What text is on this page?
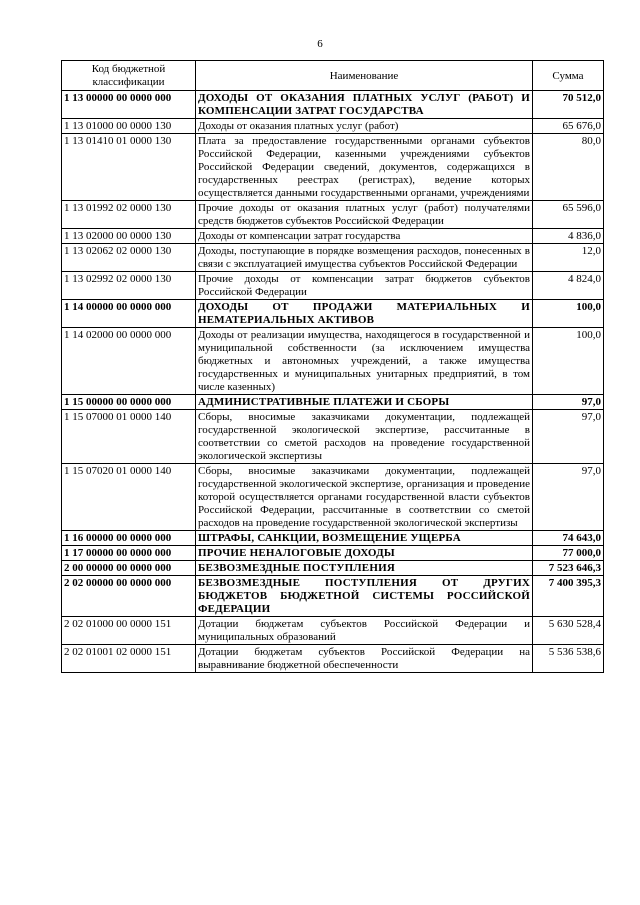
6
Код бюджетной классификации	Наименование	Сумма
1 13 00000 00 0000 000	ДОХОДЫ ОТ ОКАЗАНИЯ ПЛАТНЫХ УСЛУГ (РАБОТ) И КОМПЕНСАЦИИ ЗАТРАТ ГОСУДАРСТВА	70 512,0
1 13 01000 00 0000 130	Доходы от оказания платных услуг (работ)	65 676,0
1 13 01410 01 0000 130	Плата за предоставление государственными органами субъектов Российской Федерации, казенными учреждениями субъектов Российской Федерации сведений, документов, содержащихся в государственных реестрах (регистрах), ведение которых осуществляется данными государственными органами, учреждениями	80,0
1 13 01992 02 0000 130	Прочие доходы от оказания платных услуг (работ) получателями средств бюджетов субъектов Российской Федерации	65 596,0
1 13 02000 00 0000 130	Доходы от компенсации затрат государства	4 836,0
1 13 02062 02 0000 130	Доходы, поступающие в порядке возмещения расходов, понесенных в связи с эксплуатацией имущества субъектов Российской Федерации	12,0
1 13 02992 02 0000 130	Прочие доходы от компенсации затрат бюджетов субъектов Российской Федерации	4 824,0
1 14 00000 00 0000 000	ДОХОДЫ ОТ ПРОДАЖИ МАТЕРИАЛЬНЫХ И НЕМАТЕРИАЛЬНЫХ АКТИВОВ	100,0
1 14 02000 00 0000 000	Доходы от реализации имущества, находящегося в государственной и муниципальной собственности (за исключением имущества бюджетных и автономных учреждений, а также имущества государственных и муниципальных унитарных предприятий, в том числе казенных)	100,0
1 15 00000 00 0000 000	АДМИНИСТРАТИВНЫЕ ПЛАТЕЖИ И СБОРЫ	97,0
1 15 07000 01 0000 140	Сборы, вносимые заказчиками документации, подлежащей государственной экологической экспертизе, рассчитанные в соответствии со сметой расходов на проведение государственной экологической экспертизы	97,0
1 15 07020 01 0000 140	Сборы, вносимые заказчиками документации, подлежащей государственной экологической экспертизе, организация и проведение которой осуществляется органами государственной власти субъектов Российской Федерации, рассчитанные в соответствии со сметой расходов на проведение государственной экологической экспертизы	97,0
1 16 00000 00 0000 000	ШТРАФЫ, САНКЦИИ, ВОЗМЕЩЕНИЕ УЩЕРБА	74 643,0
1 17 00000 00 0000 000	ПРОЧИЕ НЕНАЛОГОВЫЕ ДОХОДЫ	77 000,0
2 00 00000 00 0000 000	БЕЗВОЗМЕЗДНЫЕ ПОСТУПЛЕНИЯ	7 523 646,3
2 02 00000 00 0000 000	БЕЗВОЗМЕЗДНЫЕ ПОСТУПЛЕНИЯ ОТ ДРУГИХ БЮДЖЕТОВ БЮДЖЕТНОЙ СИСТЕМЫ РОССИЙСКОЙ ФЕДЕРАЦИИ	7 400 395,3
2 02 01000 00 0000 151	Дотации бюджетам субъектов Российской Федерации и муниципальных образований	5 630 528,4
2 02 01001 02 0000 151	Дотации бюджетам субъектов Российской Федерации на выравнивание бюджетной обеспеченности	5 536 538,6
